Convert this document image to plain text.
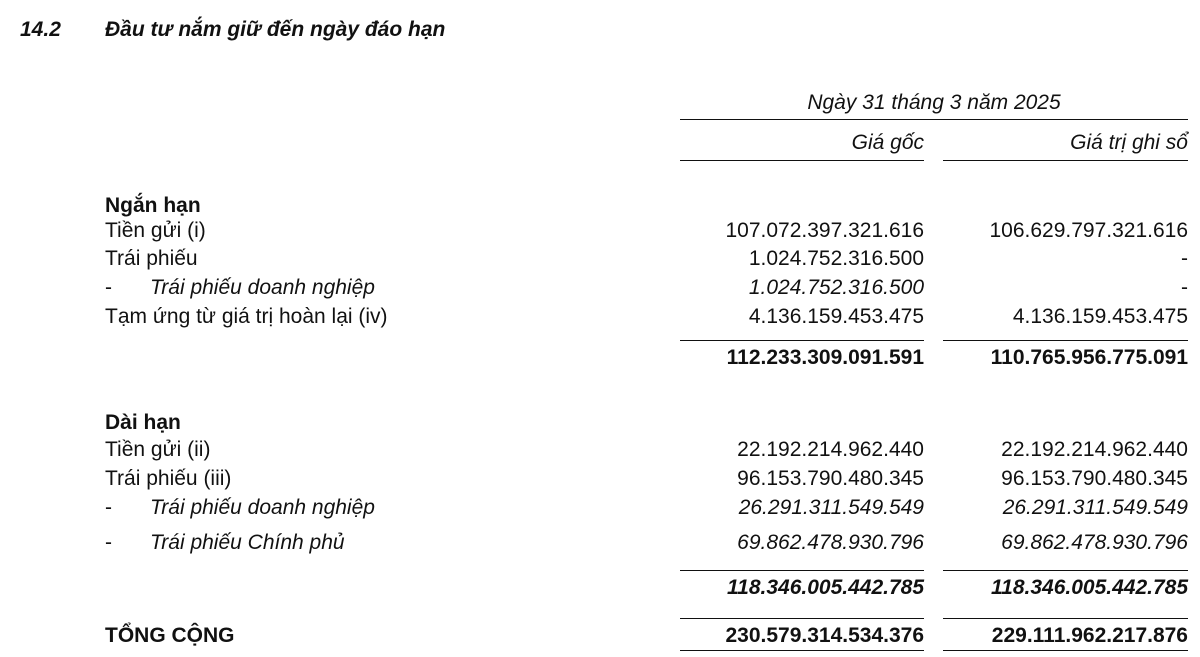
14.2 Đầu tư nắm giữ đến ngày đáo hạn
Ngày 31 tháng 3 năm 2025
Giá gốc	Giá trị ghi sổ
Ngắn hạn
Tiền gửi (i)	107.072.397.321.616	106.629.797.321.616
Trái phiếu	1.024.752.316.500	-
- Trái phiếu doanh nghiệp	1.024.752.316.500	-
Tạm ứng từ giá trị hoàn lại (iv)	4.136.159.453.475	4.136.159.453.475
112.233.309.091.591	110.765.956.775.091
Dài hạn
Tiền gửi (ii)	22.192.214.962.440	22.192.214.962.440
Trái phiếu (iii)	96.153.790.480.345	96.153.790.480.345
- Trái phiếu doanh nghiệp	26.291.311.549.549	26.291.311.549.549
- Trái phiếu Chính phủ	69.862.478.930.796	69.862.478.930.796
118.346.005.442.785	118.346.005.442.785
TỔNG CỘNG	230.579.314.534.376	229.111.962.217.876
